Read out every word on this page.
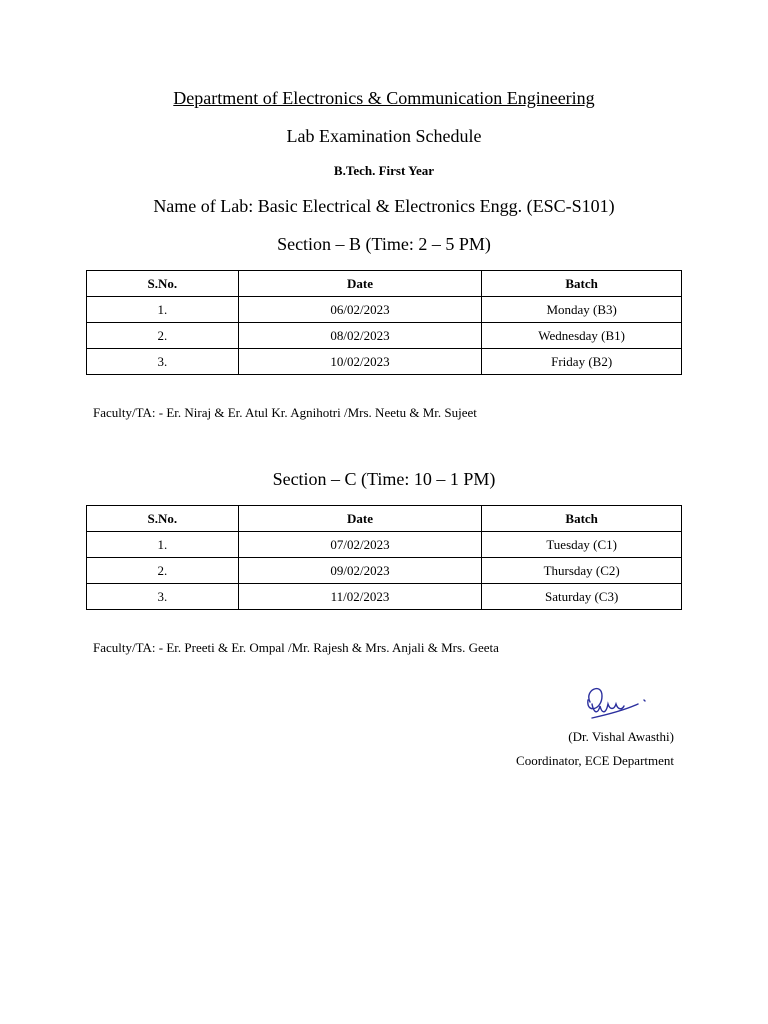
Department of Electronics & Communication Engineering
Lab Examination Schedule
B.Tech. First Year
Name of Lab: Basic Electrical & Electronics Engg. (ESC-S101)
Section – B (Time: 2 – 5 PM)
S.No.	Date	Batch
1.	06/02/2023	Monday (B3)
2.	08/02/2023	Wednesday (B1)
3.	10/02/2023	Friday (B2)
Faculty/TA: - Er. Niraj & Er. Atul Kr. Agnihotri /Mrs. Neetu & Mr. Sujeet
Section – C (Time: 10 – 1 PM)
S.No.	Date	Batch
1.	07/02/2023	Tuesday (C1)
2.	09/02/2023	Thursday (C2)
3.	11/02/2023	Saturday (C3)
Faculty/TA: - Er. Preeti & Er. Ompal /Mr. Rajesh & Mrs. Anjali & Mrs. Geeta
(Dr. Vishal Awasthi)
Coordinator, ECE Department
